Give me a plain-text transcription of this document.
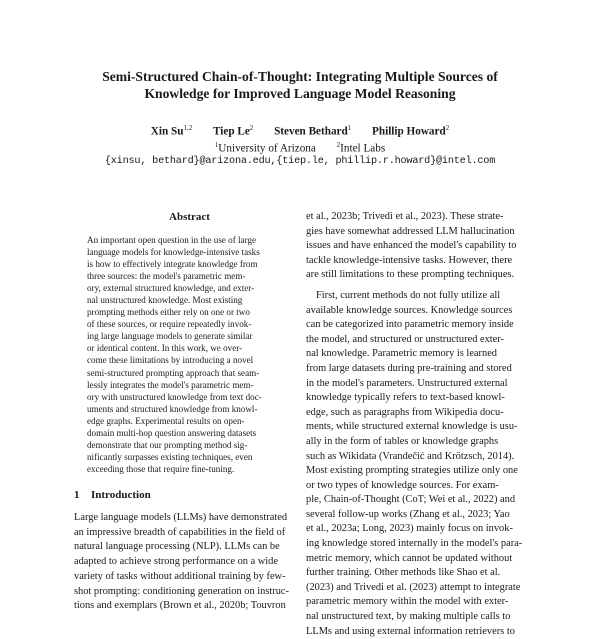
Semi-Structured Chain-of-Thought: Integrating Multiple Sources of
Knowledge for Improved Language Model Reasoning
Xin Su$^{1,2}$ Tiep Le$^2$ Steven Bethard$^1$ Phillip Howard$^2$
$^1$University of Arizona	$^2$Intel Labs
{xinsu, bethard}@arizona.edu,{tiep.le, phillip.r.howard}@intel.com
Abstract
An important open question in the use of large
language models for knowledge-intensive tasks
is how to effectively integrate knowledge from
three sources: the model's parametric mem-
ory, external structured knowledge, and exter-
nal unstructured knowledge. Most existing
prompting methods either rely on one or two
of these sources, or require repeatedly invok-
ing large language models to generate similar
or identical content. In this work, we over-
come these limitations by introducing a novel
semi-structured prompting approach that seam-
lessly integrates the model's parametric mem-
ory with unstructured knowledge from text doc-
uments and structured knowledge from knowl-
edge graphs. Experimental results on open-
domain multi-hop question answering datasets
demonstrate that our prompting method sig-
nificantly surpasses existing techniques, even
exceeding those that require fine-tuning.
1 Introduction
Large language models (LLMs) have demonstrated
an impressive breadth of capabilities in the field of
natural language processing (NLP). LLMs can be
adapted to achieve strong performance on a wide
variety of tasks without additional training by few-
shot prompting: conditioning generation on instruc-
tions and exemplars (Brown et al., 2020b; Touvron
et al., 2023b; Trivedi et al., 2023). These strate-
gies have somewhat addressed LLM hallucination
issues and have enhanced the model's capability to
tackle knowledge-intensive tasks. However, there
are still limitations to these prompting techniques.
First, current methods do not fully utilize all
available knowledge sources. Knowledge sources
can be categorized into parametric memory inside
the model, and structured or unstructured exter-
nal knowledge. Parametric memory is learned
from large datasets during pre-training and stored
in the model's parameters. Unstructured external
knowledge typically refers to text-based knowl-
edge, such as paragraphs from Wikipedia docu-
ments, while structured external knowledge is usu-
ally in the form of tables or knowledge graphs
such as Wikidata (Vrandečić and Krötzsch, 2014).
Most existing prompting strategies utilize only one
or two types of knowledge sources. For exam-
ple, Chain-of-Thought (CoT; Wei et al., 2022) and
several follow-up works (Zhang et al., 2023; Yao
et al., 2023a; Long, 2023) mainly focus on invok-
ing knowledge stored internally in the model's para-
metric memory, which cannot be updated without
further training. Other methods like Shao et al.
(2023) and Trivedi et al. (2023) attempt to integrate
parametric memory within the model with exter-
nal unstructured text, by making multiple calls to
LLMs and using external information retrievers to
